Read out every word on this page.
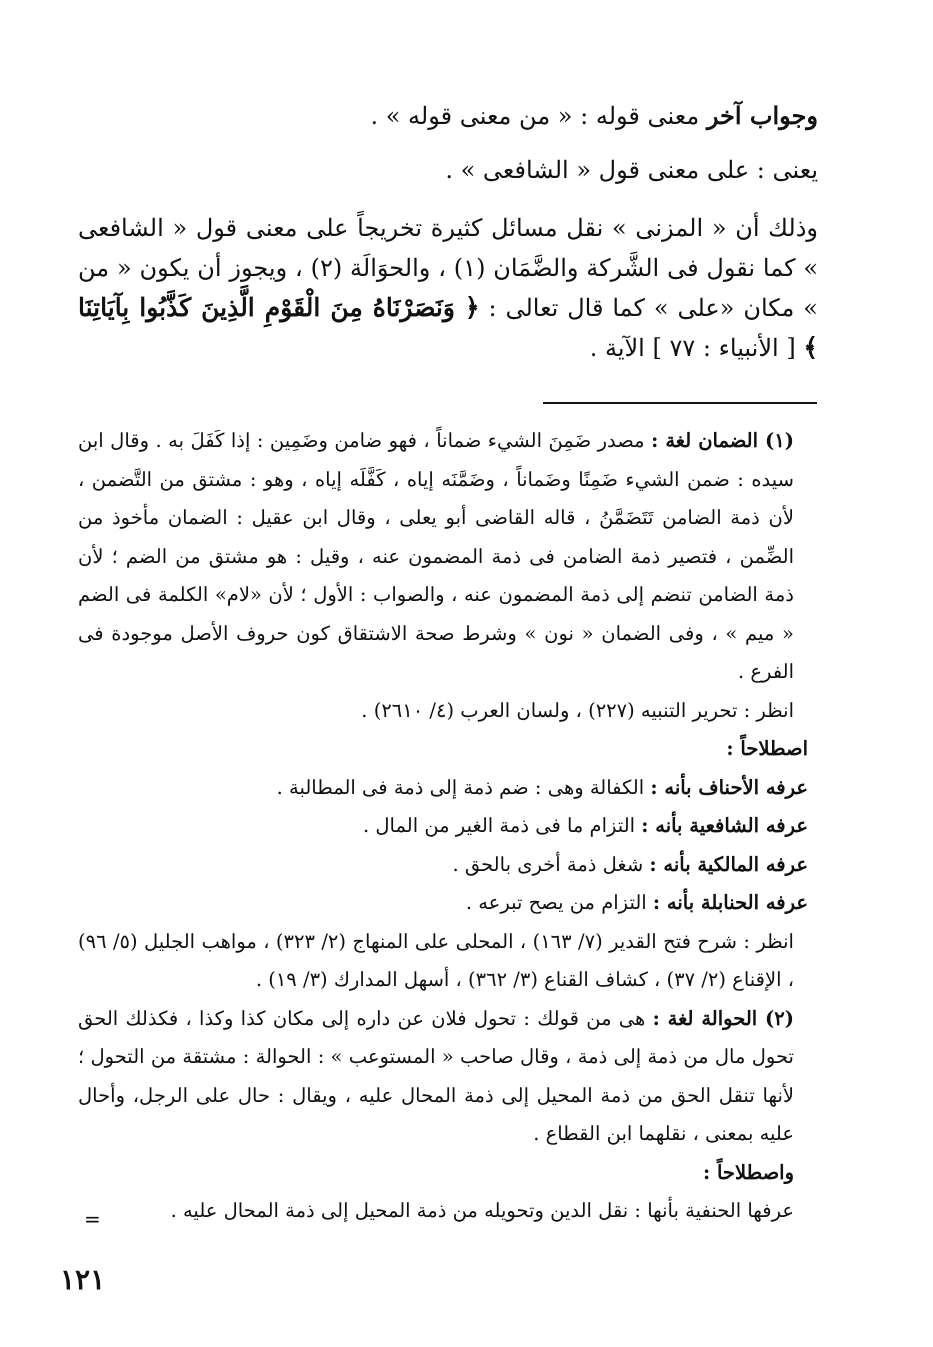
وجواب آخر معنى قوله : « من معنى قوله » .

يعنى : على معنى قول « الشافعى » .

وذلك أن « المزنى » نقل مسائل كثيرة تخريجاً على معنى قول « الشافعى » كما نقول فى الشَّركة والضَّمَان (١) ، والحوَالَة (٢) ، ويجوز أن يكون « من » مكان «على » كما قال تعالى : ﴿ وَنَصَرْنَاهُ مِنَ الْقَوْمِ الَّذِينَ كَذَّبُوا بِآيَاتِنَا ﴾ [ الأنبياء : ٧٧ ] الآية .

(١) الضمان لغة : مصدر ضَمِنَ الشيء ضماناً ، فهو ضامن وضَمِين : إذا كَفَلَ به . وقال ابن سيده : ضمن الشيء ضَمِنًا وضَماناً ، وضَمَّنَه إياه ، كَفَّلَه إياه ، وهو : مشتق من التَّضمن ، لأن ذمة الضامن تَتَضَمَّنُ ، قاله القاضى أبو يعلى ، وقال ابن عقيل : الضمان مأخوذ من الضِّمن ، فتصير ذمة الضامن فى ذمة المضمون عنه ، وقيل : هو مشتق من الضم ؛ لأن ذمة الضامن تنضم إلى ذمة المضمون عنه ، والصواب : الأول ؛ لأن «لام» الكلمة فى الضم « ميم » ، وفى الضمان « نون » وشرط صحة الاشتقاق كون حروف الأصل موجودة فى الفرع .

انظر : تحرير التنبيه (٢٢٧) ، ولسان العرب (٤/ ٢٦١٠) .

اصطلاحاً :

عرفه الأحناف بأنه : الكفالة وهى : ضم ذمة إلى ذمة فى المطالبة .

عرفه الشافعية بأنه : التزام ما فى ذمة الغير من المال .

عرفه المالكية بأنه : شغل ذمة أخرى بالحق .

عرفه الحنابلة بأنه : التزام من يصح تبرعه .

انظر : شرح فتح القدير (٧/ ١٦٣) ، المحلى على المنهاج (٢/ ٣٢٣) ، مواهب الجليل (٥/ ٩٦) ، الإقناع (٢/ ٣٧) ، كشاف القناع (٣/ ٣٦٢) ، أسهل المدارك (٣/ ١٩) .

(٢) الحوالة لغة : هى من قولك : تحول فلان عن داره إلى مكان كذا وكذا ، فكذلك الحق تحول مال من ذمة إلى ذمة ، وقال صاحب « المستوعب » : الحوالة : مشتقة من التحول ؛ لأنها تنقل الحق من ذمة المحيل إلى ذمة المحال عليه ، ويقال : حال على الرجل، وأحال عليه بمعنى ، نقلهما ابن القطاع .

واصطلاحاً :

عرفها الحنفية بأنها : نقل الدين وتحويله من ذمة المحيل إلى ذمة المحال عليه .

=
١٢١
